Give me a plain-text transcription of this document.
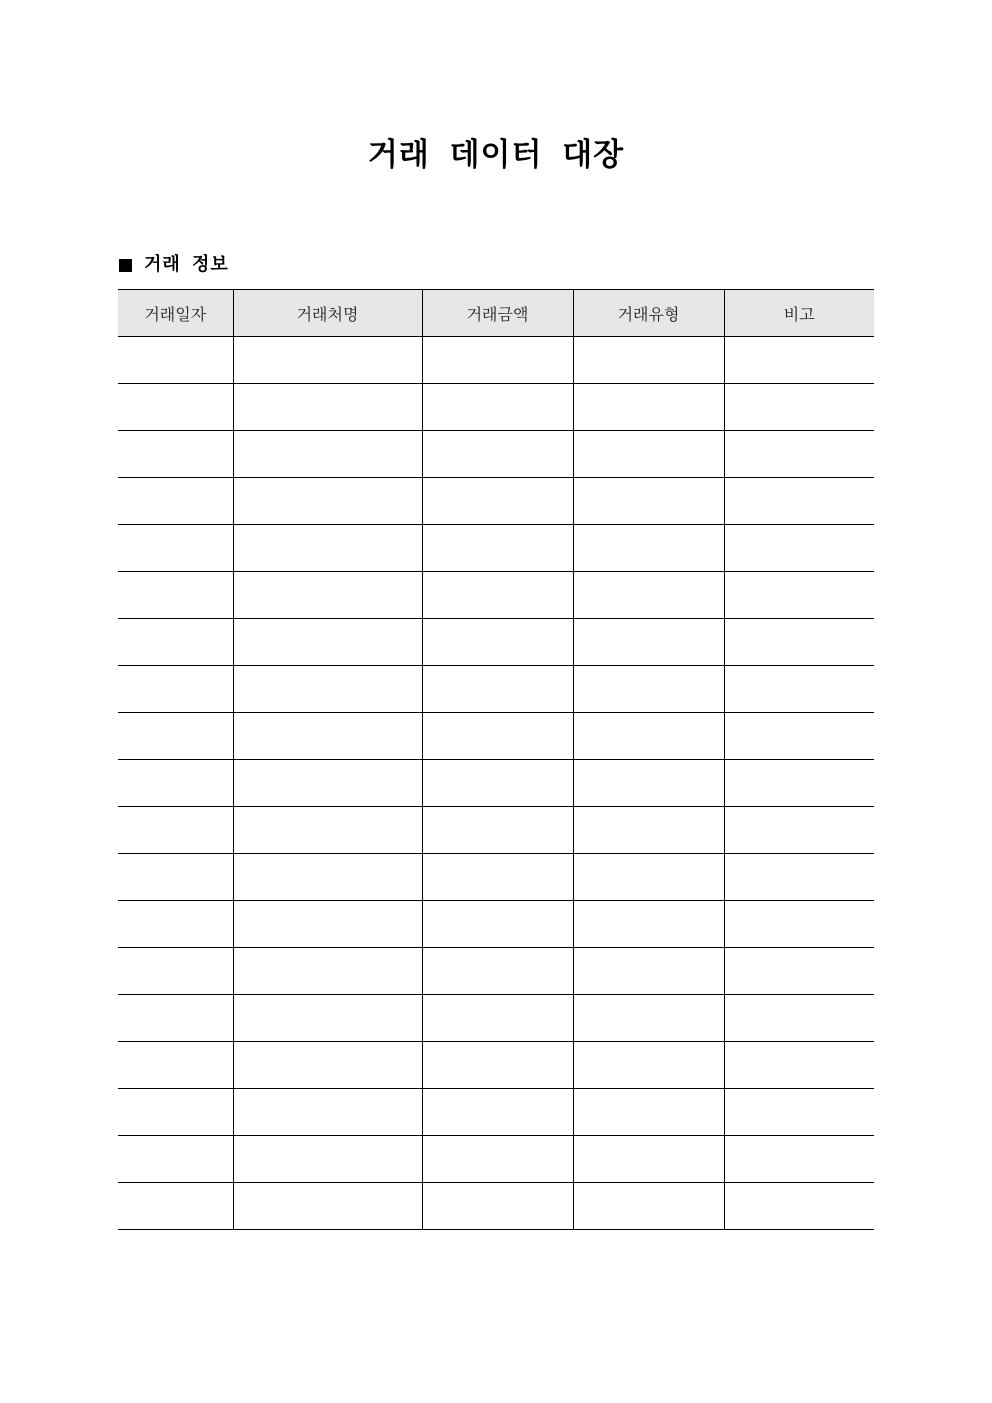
거래 데이터 대장
거래 정보
거래일자	거래처명	거래금액	거래유형	비고
